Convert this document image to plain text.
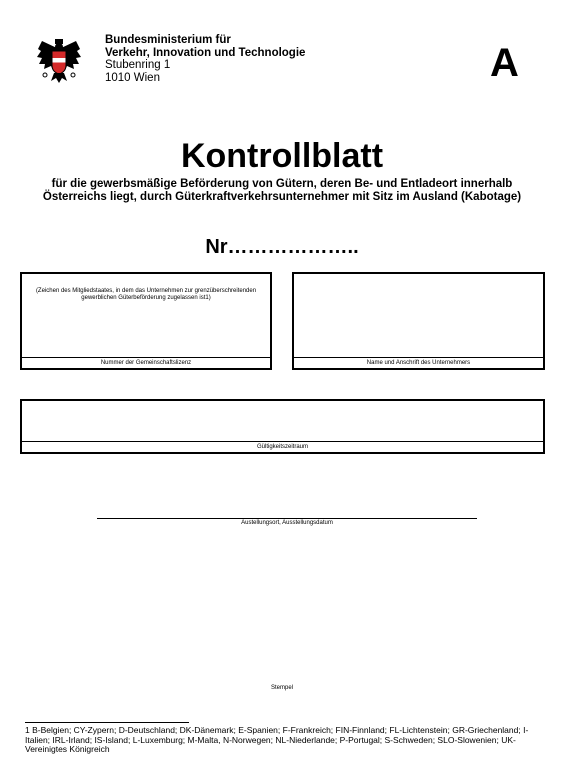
Bundesministerium für
Verkehr, Innovation und Technologie
Stubenring 1
1010 Wien	A
Kontrollblatt
für die gewerbsmäßige Beförderung von Gütern, deren Be- und Entladeort innerhalb Österreichs liegt, durch Güterkraftverkehrsunternehmer mit Sitz im Ausland (Kabotage)
Nr………………..
(Zeichen des Mitgliedstaates, in dem das Unternehmen zur grenzüberschreitenden gewerblichen Güterbeförderung zugelassen ist1)
Nummer der Gemeinschaftslizenz	Name und Anschrift des Unternehmers
Gültigkeitszeitraum
Austellungsort, Ausstellungsdatum
Stempel
1 B-Belgien; CY-Zypern; D-Deutschland; DK-Dänemark; E-Spanien; F-Frankreich; FIN-Finnland; FL-Lichtenstein; GR-Griechenland; I-Italien; IRL-Irland; IS-Island; L-Luxemburg; M-Malta, N-Norwegen; NL-Niederlande; P-Portugal; S-Schweden; SLO-Slowenien; UK-Vereinigtes Königreich
